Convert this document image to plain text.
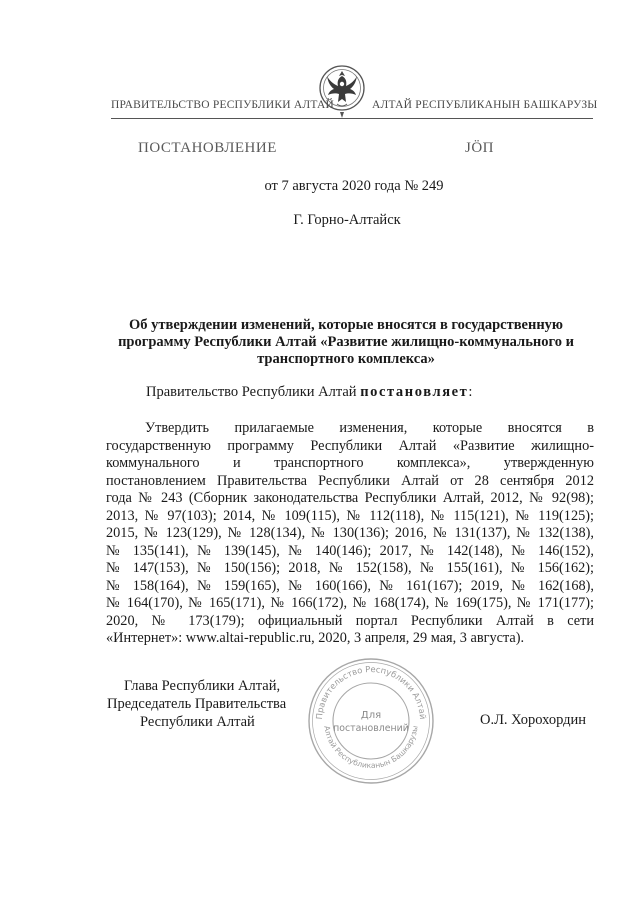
ПРАВИТЕЛЬСТВО РЕСПУБЛИКИ АЛТАЙ	АЛТАЙ РЕСПУБЛИКАНЫН БАШКАРУЗЫ
ПОСТАНОВЛЕНИЕ	JÖП
от 7 августа 2020 года № 249
Г. Горно-Алтайск
Об утверждении изменений, которые вносятся в государственную
программу Республики Алтай «Развитие жилищно-коммунального и
транспортного комплекса»
Правительство Республики Алтай постановляет:
Утвердить прилагаемые изменения, которые вносятся в
государственную программу Республики Алтай «Развитие жилищно-
коммунального и транспортного комплекса», утвержденную
постановлением Правительства Республики Алтай от 28 сентября 2012
года № 243 (Сборник законодательства Республики Алтай, 2012, № 92(98);
2013, № 97(103); 2014, № 109(115), № 112(118), № 115(121), № 119(125);
2015, № 123(129), № 128(134), № 130(136); 2016, № 131(137), № 132(138),
№ 135(141), № 139(145), № 140(146); 2017, № 142(148), № 146(152),
№ 147(153), № 150(156); 2018, № 152(158), № 155(161), № 156(162);
№ 158(164), № 159(165), № 160(166), № 161(167); 2019, № 162(168),
№ 164(170), № 165(171), № 166(172), № 168(174), № 169(175), № 171(177);
2020, № 173(179); официальный портал Республики Алтай в сети
«Интернет»: www.altai-republic.ru, 2020, 3 апреля, 29 мая, 3 августа).
Глава Республики Алтай,
Председатель Правительства
Республики Алтай	О.Л. Хорохордин
Правительство Республики Алтай
Алтай Республиканын Башкарузы
Для
постановлений
